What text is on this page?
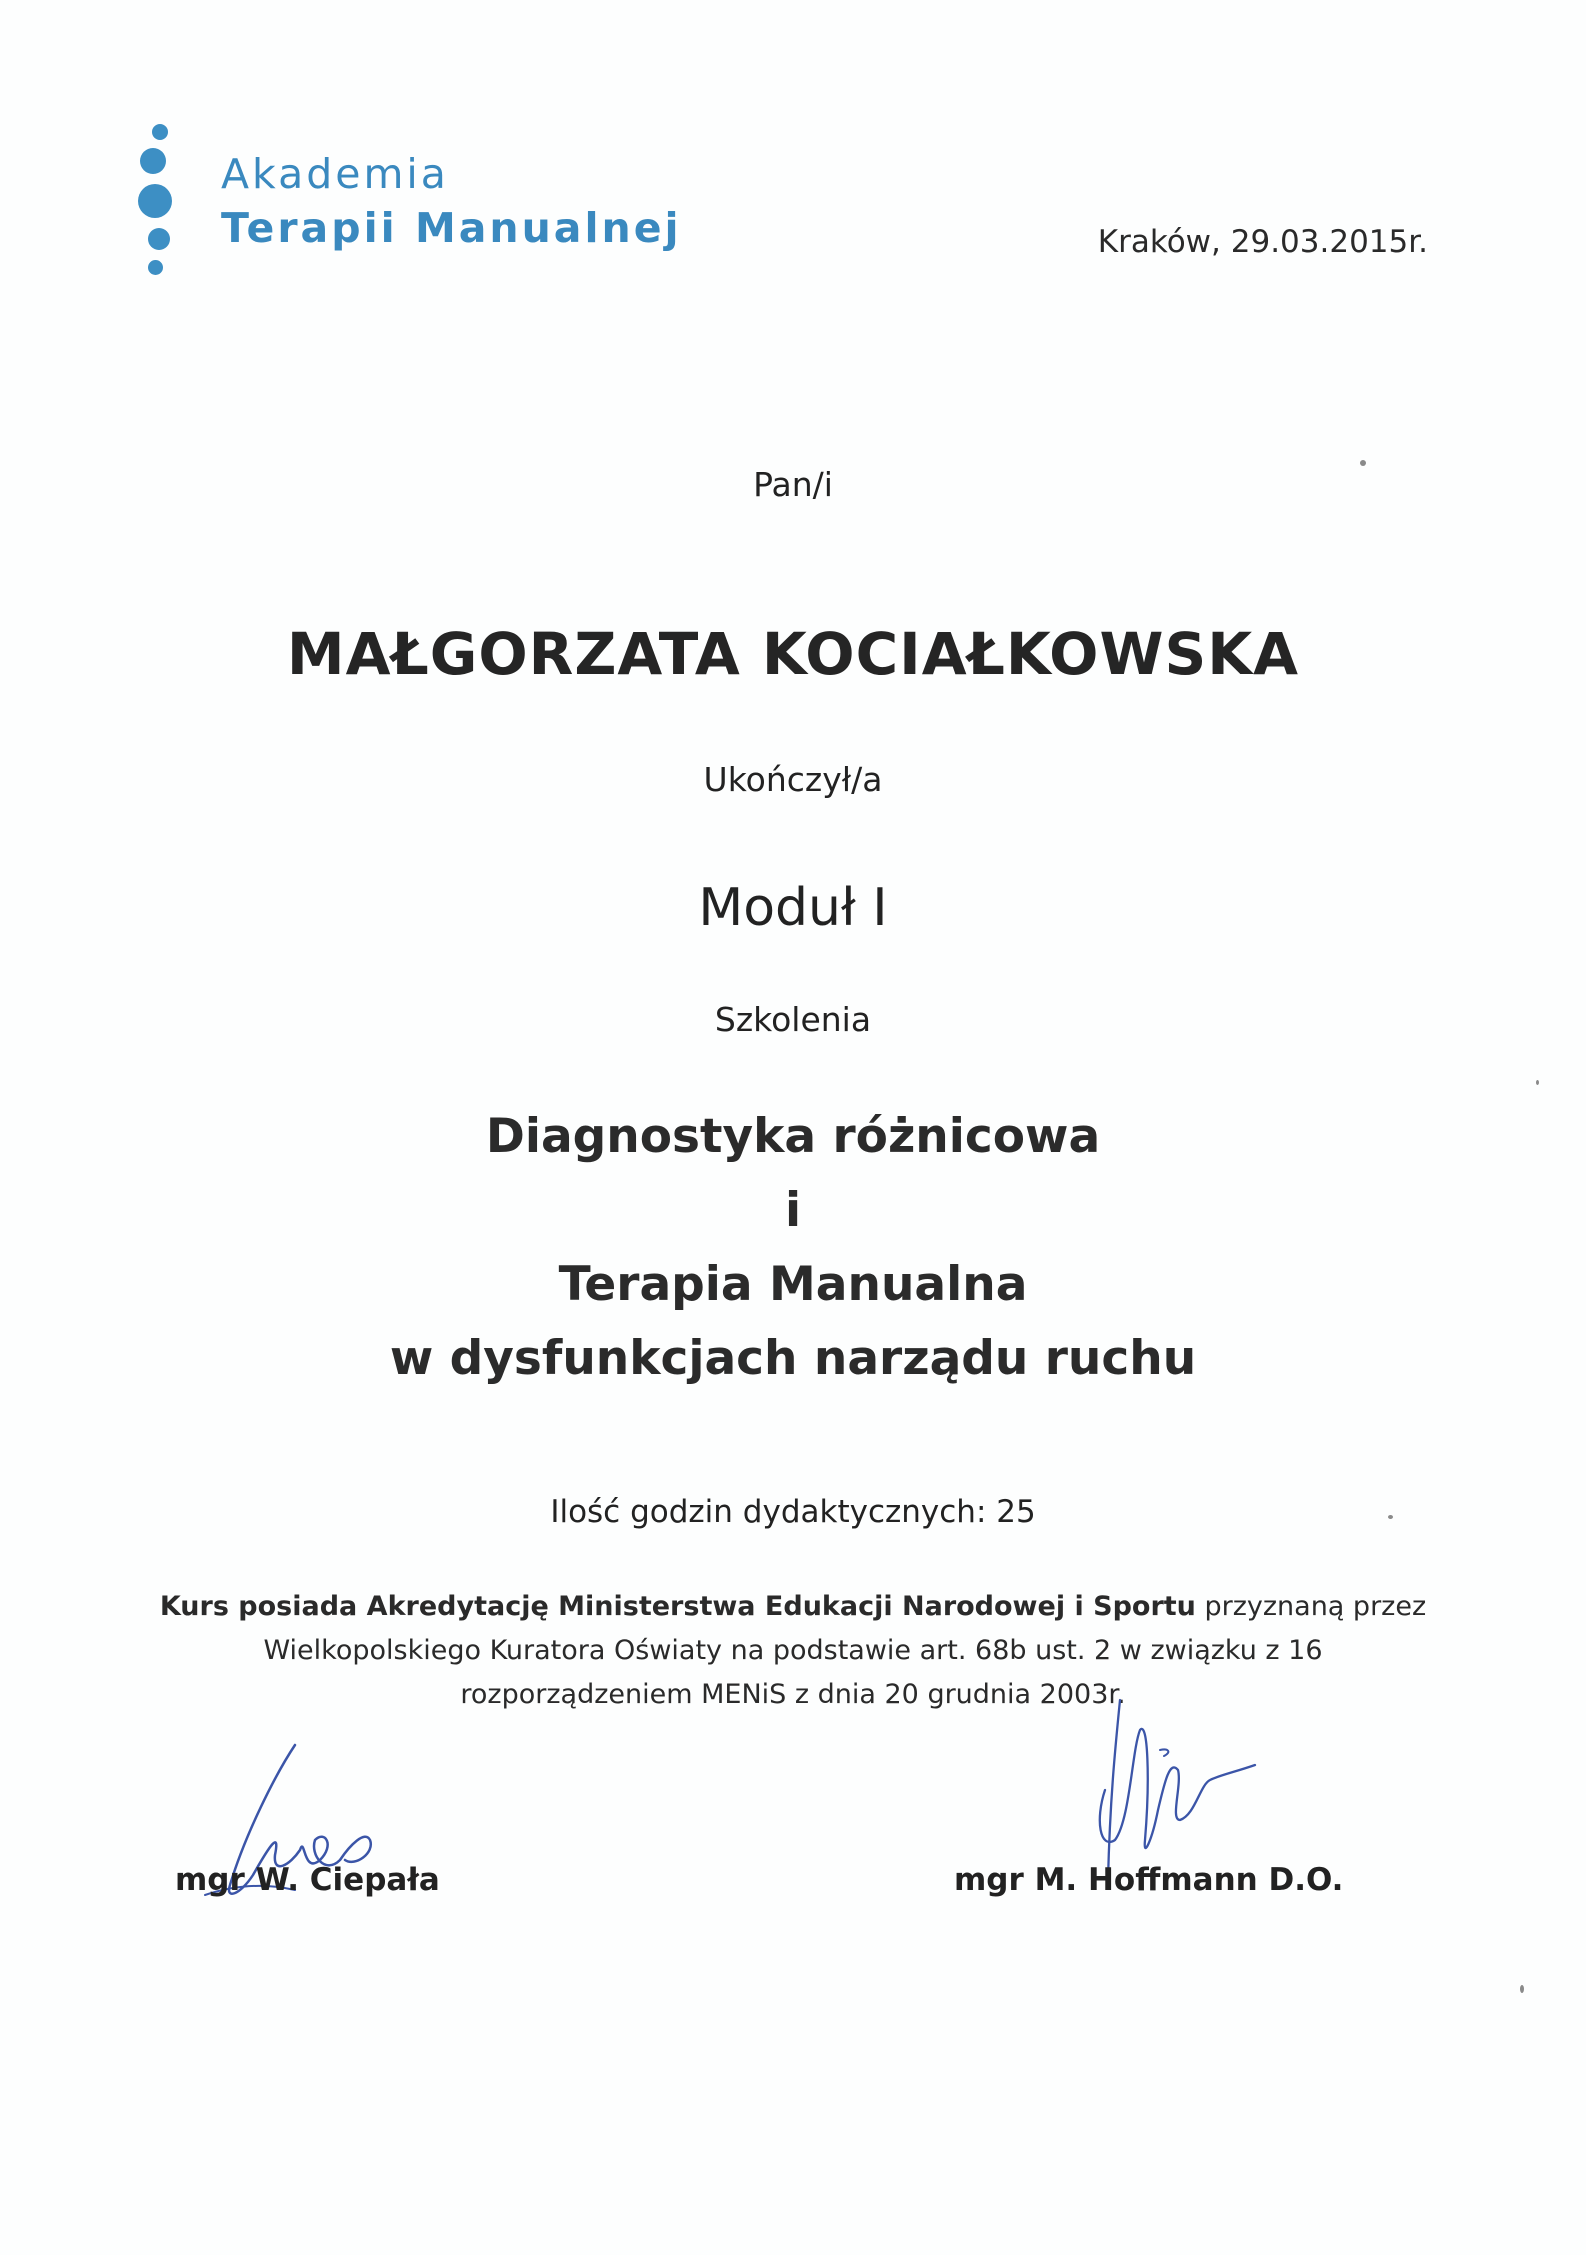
Akademia
Terapii Manualnej	Kraków, 29.03.2015r.
Pan/i
MAŁGORZATA KOCIAŁKOWSKA
Ukończył/a
Moduł I
Szkolenia
Diagnostyka różnicowa
i
Terapia Manualna
w dysfunkcjach narządu ruchu
Ilość godzin dydaktycznych: 25
Kurs posiada Akredytację Ministerstwa Edukacji Narodowej i Sportu przyznaną przez
Wielkopolskiego Kuratora Oświaty na podstawie art. 68b ust. 2 w związku z 16
rozporządzeniem MENiS z dnia 20 grudnia 2003r.
mgr W. Ciepała	mgr M. Hoffmann D.O.
